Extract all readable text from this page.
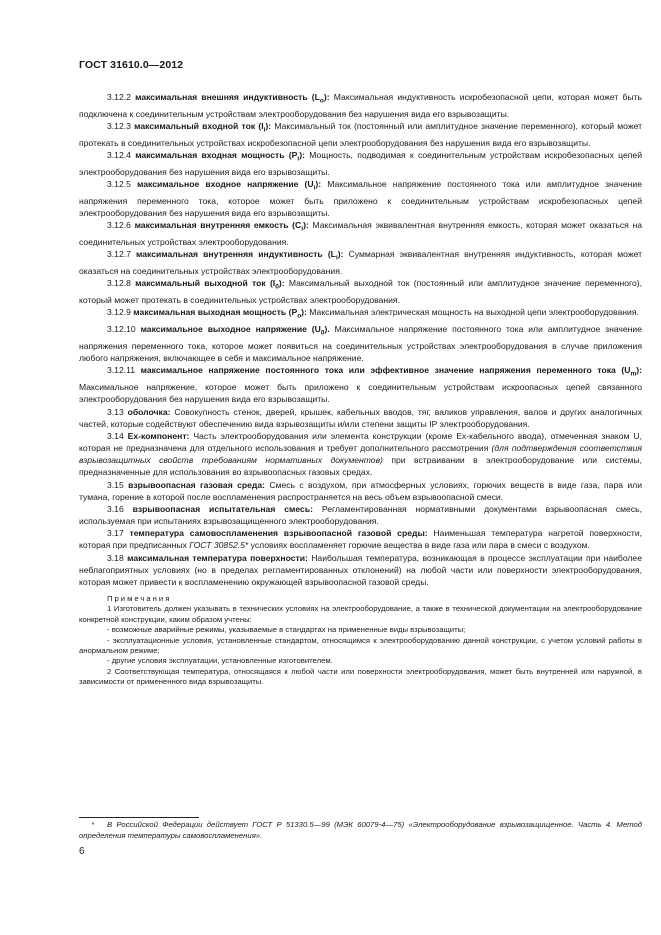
ГОСТ 31610.0—2012

3.12.2 максимальная внешняя индуктивность $(L_о)$: Максимальная индуктивность искробезопасной цепи, которая может быть подключена к соединительным устройствам электрооборудования без нарушения вида его взрывозащиты.

3.12.3 максимальный входной ток $(I_i)$: Максимальный ток (постоянный или амплитудное значение переменного), который может протекать в соединительных устройствах искробезопасной цепи электрооборудования без нарушения вида его взрывозащиты.

3.12.4 максимальная входная мощность $(P_i)$: Мощность, подводимая к соединительным устройствам искробезопасных цепей электрооборудования без нарушения вида его взрывозащиты.

3.12.5 максимальное входное напряжение $(U_i)$: Максимальное напряжение постоянного тока или амплитудное значение напряжения переменного тока, которое может быть приложено к соединительным устройствам искробезопасных цепей электрооборудования без нарушения вида его взрывозащиты.

3.12.6 максимальная внутренняя емкость $(C_i)$: Максимальная эквивалентная внутренняя емкость, которая может оказаться на соединительных устройствах электрооборудования.

3.12.7 максимальная внутренняя индуктивность $(L_i)$: Суммарная эквивалентная внутренняя индуктивность, которая может оказаться на соединительных устройствах электрооборудования.

3.12.8 максимальный выходной ток $(I_0)$: Максимальный выходной ток (постоянный или амплитудное значение переменного), который может протекать в соединительных устройствах электрооборудования.

3.12.9 максимальная выходная мощность $(P_o)$: Максимальная электрическая мощность на выходной цепи электрооборудования.

3.12.10 максимальное выходное напряжение $(U_0)$. Максимальное напряжение постоянного тока или амплитудное значение напряжения переменного тока, которое может появиться на соединительных устройствах электрооборудования в случае приложения любого напряжения, включающее в себя и максимальное напряжение.

3.12.11 максимальное напряжение постоянного тока или эффективное значение напряжения переменного тока $(U_m)$: Максимальное напряжение, которое может быть приложено к соединительным устройствам искроопасных цепей связанного электрооборудования без нарушения вида его взрывозащиты.

3.13 оболочка: Совокупность стенок, дверей, крышек, кабельных вводов, тяг, валиков управления, валов и других аналогичных частей, которые содействуют обеспечению вида взрывозащиты и/или степени защиты IP электрооборудования.

3.14 Ex-компонент: Часть электрооборудования или элемента конструкции (кроме Ex-кабельного ввода), отмеченная знаком U, которая не предназначена для отдельного использования и требует дополнительного рассмотрения (для подтверждения соответствия взрывозащитных свойств требованиям нормативных документов) при встраивании в электрооборудование или системы, предназначенные для использования во взрывоопасных газовых средах.

3.15 взрывоопасная газовая среда: Смесь с воздухом, при атмосферных условиях, горючих веществ в виде газа, пара или тумана, горение в которой после воспламенения распространяется на весь объем взрывоопасной смеси.

3.16 взрывоопасная испытательная смесь: Регламентированная нормативными документами взрывоопасная смесь, используемая при испытаниях взрывозащищенного электрооборудования.

3.17 температура самовоспламенения взрывоопасной газовой среды: Наименьшая температура нагретой поверхности, которая при предписанных ГОСТ 30852.5* условиях воспламеняет горючие вещества в виде газа или пара в смеси с воздухом.

3.18 максимальная температура поверхности: Наибольшая температура, возникающая в процессе эксплуатации при наиболее неблагоприятных условиях (но в пределах регламентированных отклонений) на любой части или поверхности электрооборудования, которая может привести к воспламенению окружающей взрывоопасной газовой среды.

Примечания

1 Изготовитель должен указывать в технических условиях на электрооборудование, а также в технической документации на электрооборудование конкретной конструкции, каким образом учтены:

- возможные аварийные режимы, указываемые в стандартах на примененные виды взрывозащиты;

- эксплуатационные условия, установленные стандартом, относящимся к электрооборудованию данной конструкции, с учетом условий работы в анормальном режиме;

- другие условия эксплуатации, установленные изготовителем.

2 Соответствующая температура, относящаяся к любой части или поверхности электрооборудования, может быть внутренней или наружной, в зависимости от примененного вида взрывозащиты.

* В Российской Федерации действует ГОСТ Р 51330.5—99 (МЭК 60079-4—75) «Электрооборудование взрывозащищенное. Часть 4. Метод определения температуры самовоспламенения».
6
